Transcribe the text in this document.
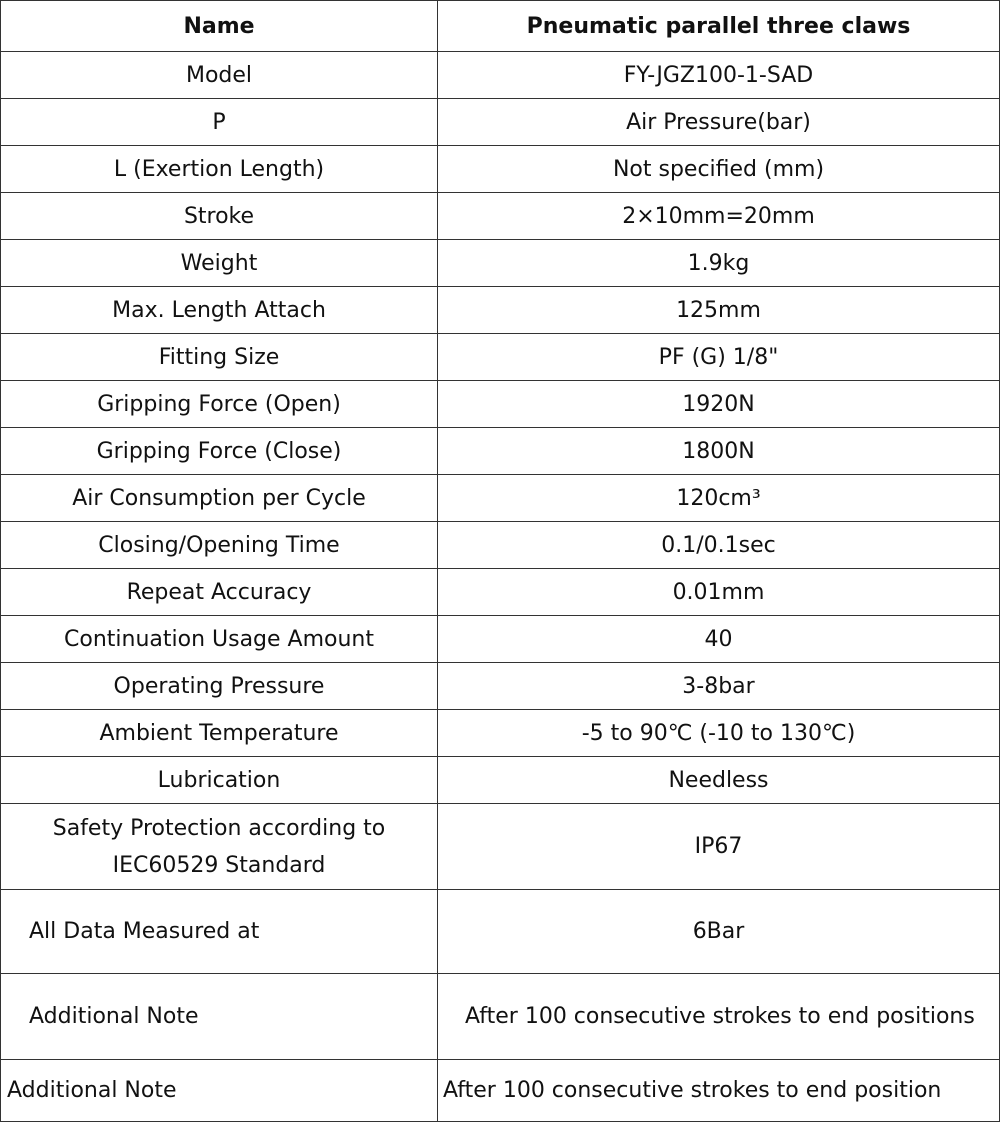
Name	Pneumatic parallel three claws
Model	FY-JGZ100-1-SAD
P	Air Pressure(bar)
L (Exertion Length)	Not specified (mm)
Stroke	2×10mm=20mm
Weight	1.9kg
Max. Length Attach	125mm
Fitting Size	PF (G) 1/8"
Gripping Force (Open)	1920N
Gripping Force (Close)	1800N
Air Consumption per Cycle	120cm³
Closing/Opening Time	0.1/0.1sec
Repeat Accuracy	0.01mm
Continuation Usage Amount	40
Operating Pressure	3-8bar
Ambient Temperature	-5 to 90℃ (-10 to 130℃)
Lubrication	Needless
Safety Protection according to IEC60529 Standard	IP67
All Data Measured at	6Bar
Additional Note	After 100 consecutive strokes to end positions
Additional Note	After 100 consecutive strokes to end position
